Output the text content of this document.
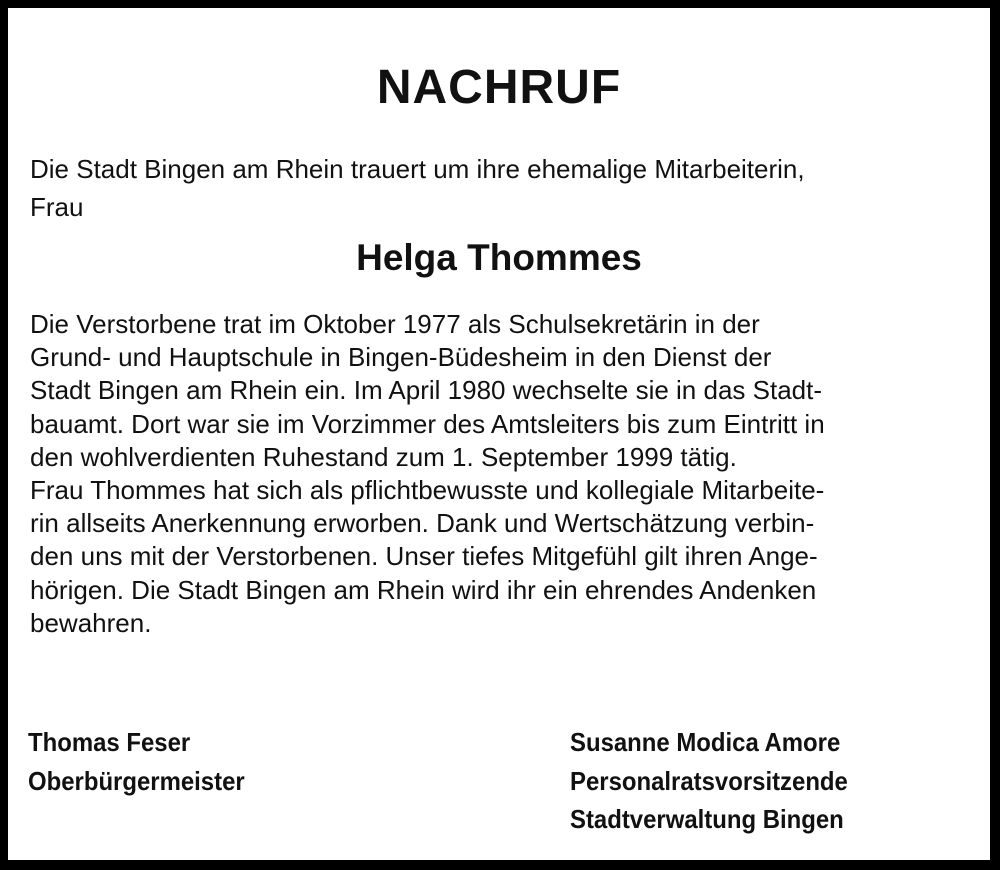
NACHRUF
Die Stadt Bingen am Rhein trauert um ihre ehemalige Mitarbeiterin,
Frau
Helga Thommes
Die Verstorbene trat im Oktober 1977 als Schulsekretärin in der
Grund- und Hauptschule in Bingen-Büdesheim in den Dienst der
Stadt Bingen am Rhein ein. Im April 1980 wechselte sie in das Stadt-
bauamt. Dort war sie im Vorzimmer des Amtsleiters bis zum Eintritt in
den wohlverdienten Ruhestand zum 1. September 1999 tätig.
Frau Thommes hat sich als pflichtbewusste und kollegiale Mitarbeite-
rin allseits Anerkennung erworben. Dank und Wertschätzung verbin-
den uns mit der Verstorbenen. Unser tiefes Mitgefühl gilt ihren Ange-
hörigen. Die Stadt Bingen am Rhein wird ihr ein ehrendes Andenken
bewahren.
Thomas Feser
Oberbürgermeister
Susanne Modica Amore
Personalratsvorsitzende
Stadtverwaltung Bingen
